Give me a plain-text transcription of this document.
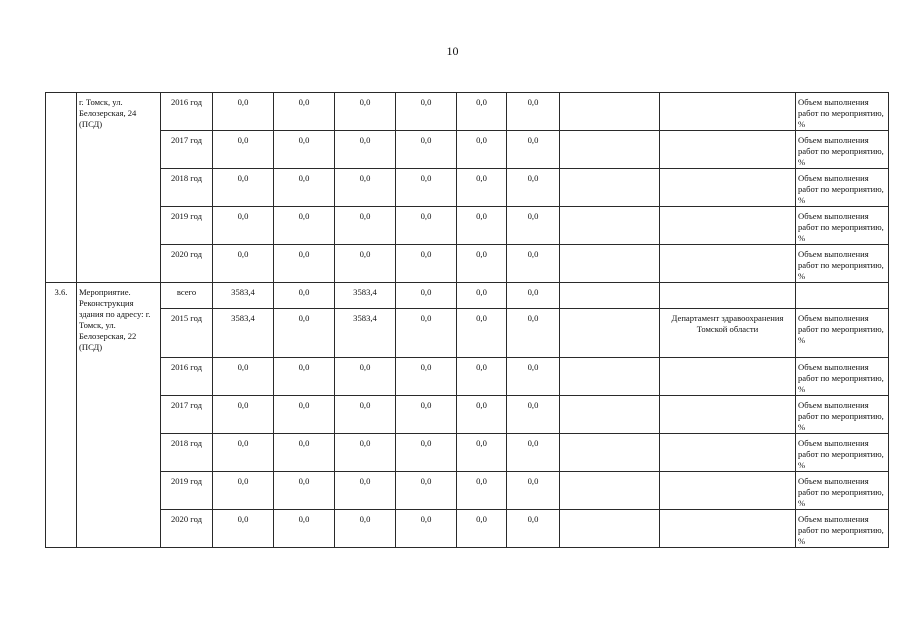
10
	г. Томск, ул. Белозерская, 24 (ПСД)	2016 год	0,0	0,0	0,0	0,0	0,0	0,0			Объем выполнения работ по мероприятию, %	
		2017 год	0,0	0,0	0,0	0,0	0,0	0,0			Объем выполнения работ по мероприятию, %	
		2018 год	0,0	0,0	0,0	0,0	0,0	0,0			Объем выполнения работ по мероприятию, %	
		2019 год	0,0	0,0	0,0	0,0	0,0	0,0			Объем выполнения работ по мероприятию, %	
		2020 год	0,0	0,0	0,0	0,0	0,0	0,0			Объем выполнения работ по мероприятию, %	
3.6.	Мероприятие. Реконструкция здания по адресу: г. Томск, ул. Белозерская, 22 (ПСД)	всего	3583,4	0,0	3583,4	0,0	0,0	0,0				
		2015 год	3583,4	0,0	3583,4	0,0	0,0	0,0		Департамент здравоохранения Томской области	Объем выполнения работ по мероприятию, %	
		2016 год	0,0	0,0	0,0	0,0	0,0	0,0			Объем выполнения работ по мероприятию, %	
		2017 год	0,0	0,0	0,0	0,0	0,0	0,0			Объем выполнения работ по мероприятию, %	
		2018 год	0,0	0,0	0,0	0,0	0,0	0,0			Объем выполнения работ по мероприятию, %	
		2019 год	0,0	0,0	0,0	0,0	0,0	0,0			Объем выполнения работ по мероприятию, %	
		2020 год	0,0	0,0	0,0	0,0	0,0	0,0			Объем выполнения работ по мероприятию, %	
